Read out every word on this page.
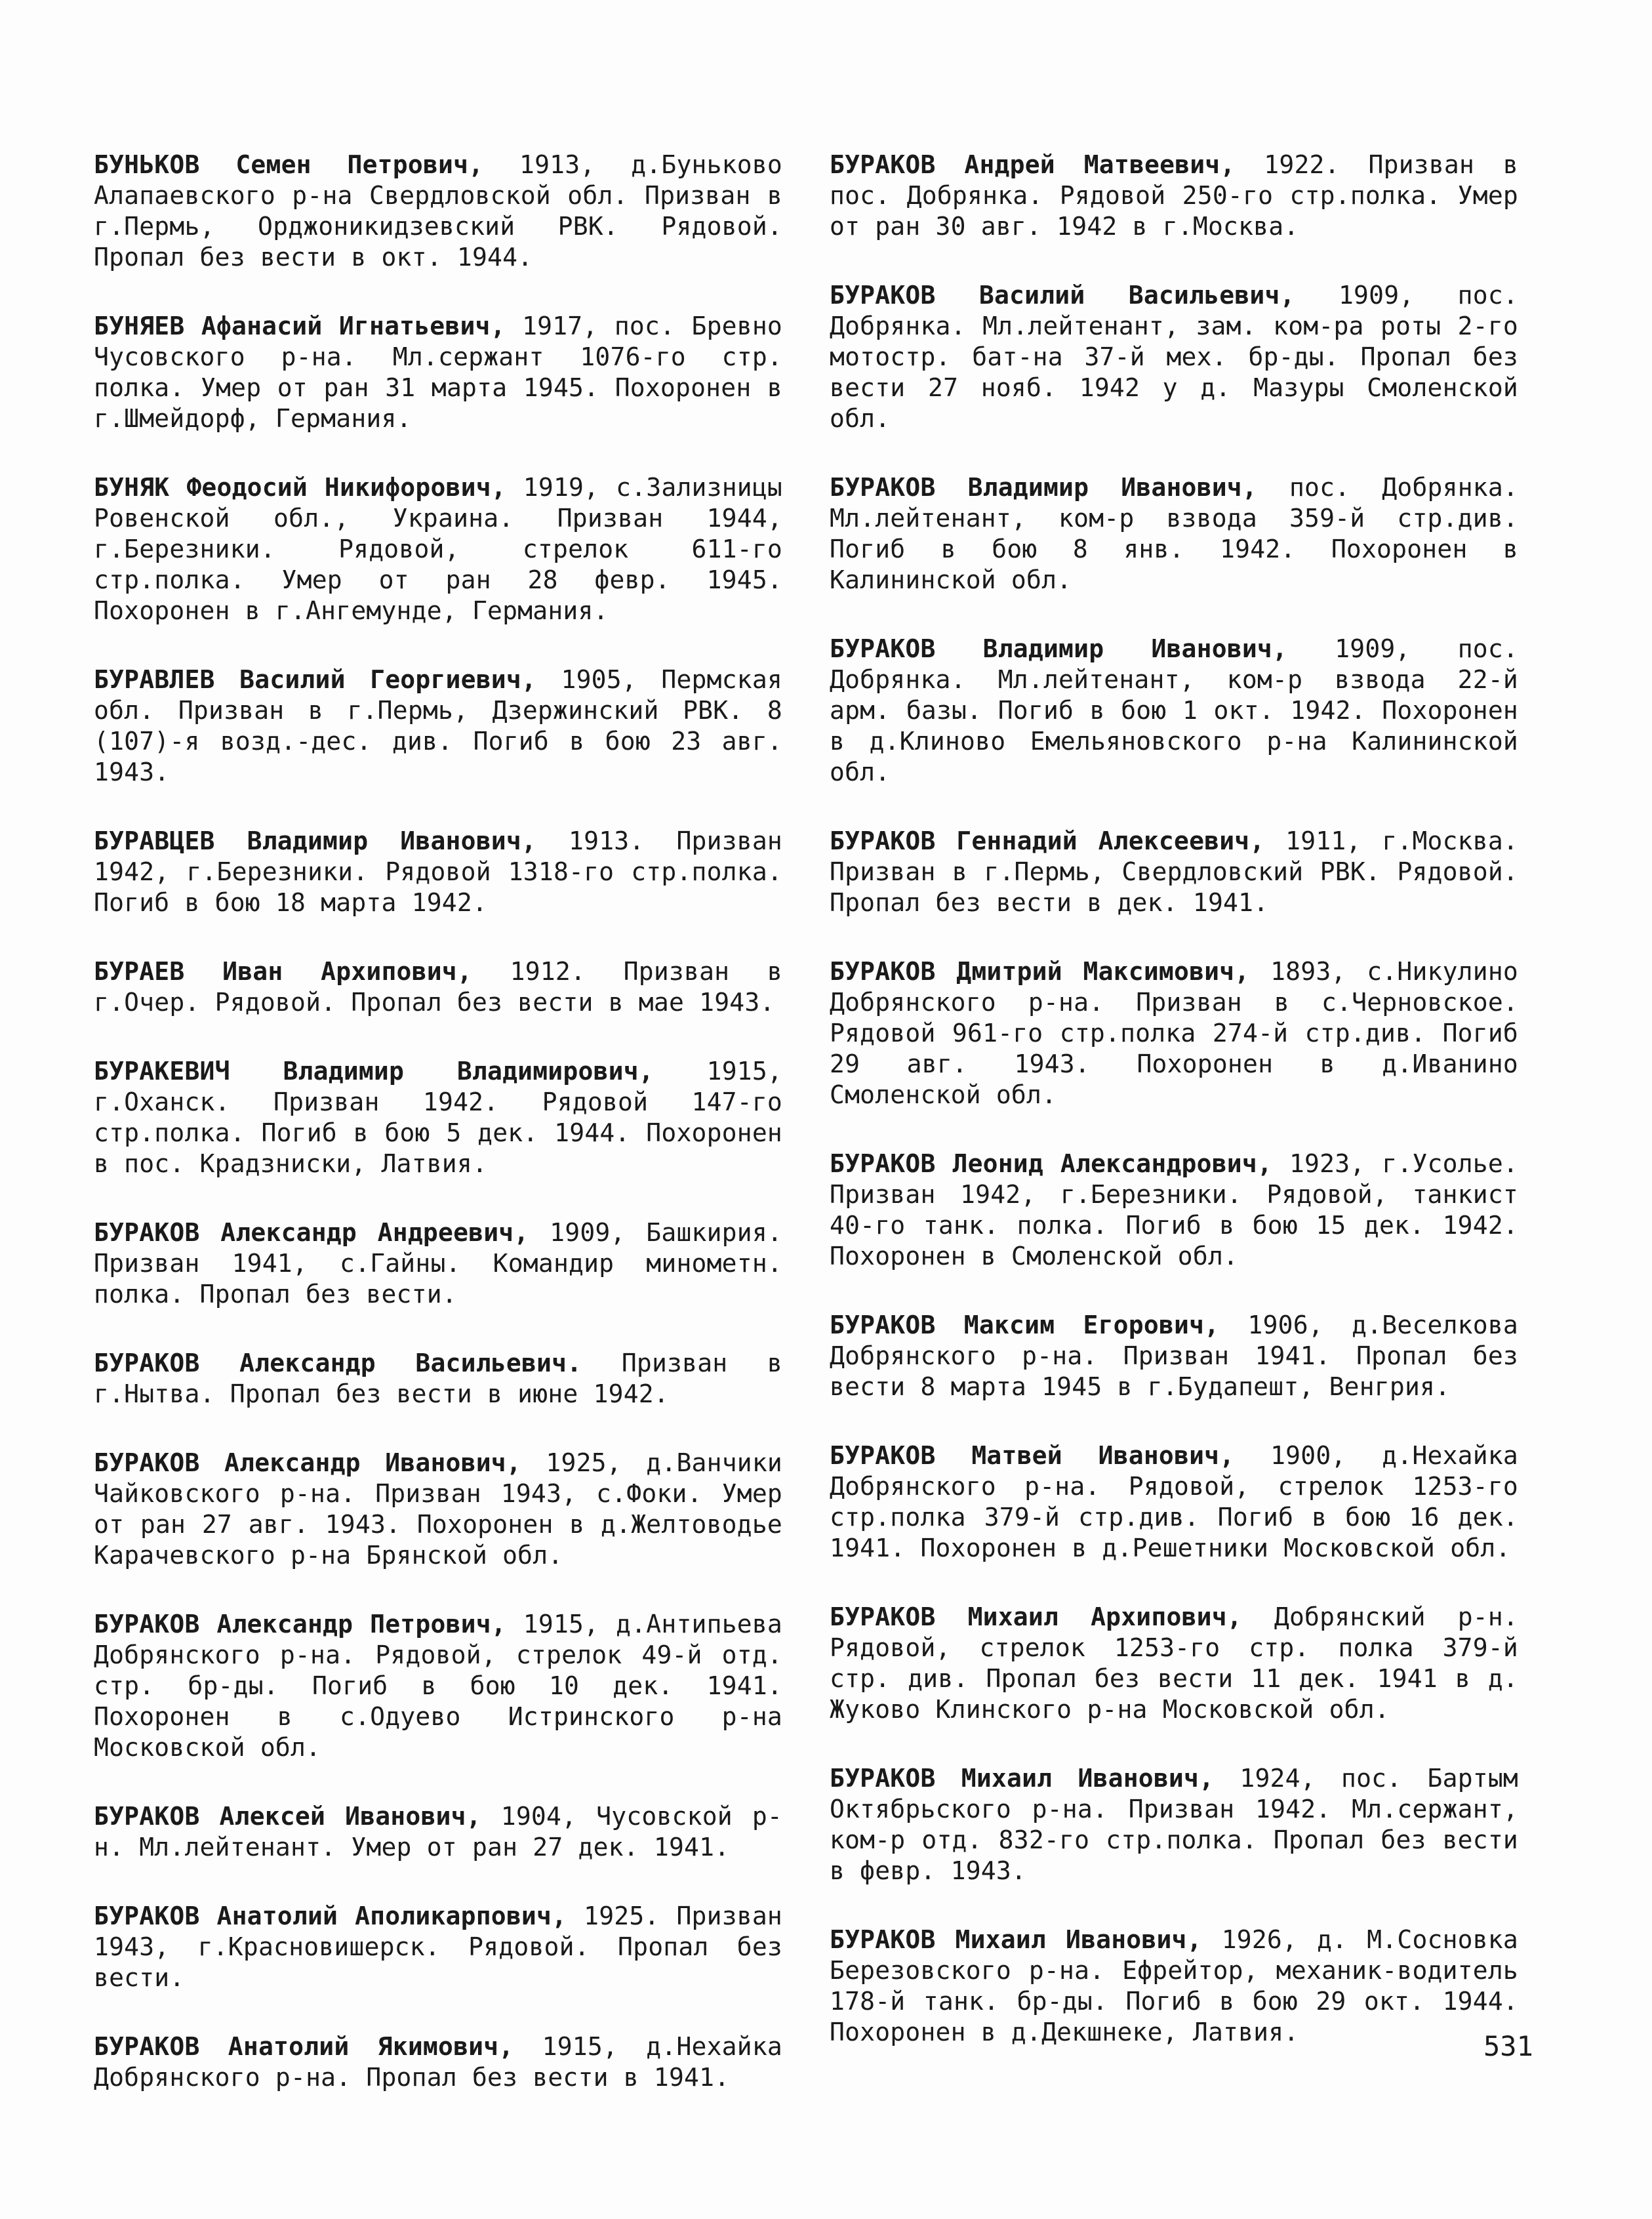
БУНЬКОВ Семен Петрович, 1913, д.Буньково Алапаевского р-на Свердловской обл. Призван в г.Пермь, Орджоникидзевский РВК. Рядовой. Пропал без вести в окт. 1944.

БУНЯЕВ Афанасий Игнатьевич, 1917, пос. Бревно Чусовского р-на. Мл.сержант 1076-го стр. полка. Умер от ран 31 марта 1945. Похоронен в г.Шмейдорф, Германия.

БУНЯК Феодосий Никифорович, 1919, с.Зализницы Ровенской обл., Украина. Призван 1944, г.Березники. Рядовой, стрелок 611-го стр.полка. Умер от ран 28 февр. 1945. Похоронен в г.Ангемунде, Германия.

БУРАВЛЕВ Василий Георгиевич, 1905, Пермская обл. Призван в г.Пермь, Дзержинский РВК. 8 (107)-я возд.-дес. див. Погиб в бою 23 авг. 1943.

БУРАВЦЕВ Владимир Иванович, 1913. Призван 1942, г.Березники. Рядовой 1318-го стр.полка. Погиб в бою 18 марта 1942.

БУРАЕВ Иван Архипович, 1912. Призван в г.Очер. Рядовой. Пропал без вести в мае 1943.

БУРАКЕВИЧ Владимир Владимирович, 1915, г.Оханск. Призван 1942. Рядовой 147-го стр.полка. Погиб в бою 5 дек. 1944. Похоронен в пос. Крадзниски, Латвия.

БУРАКОВ Александр Андреевич, 1909, Башкирия. Призван 1941, с.Гайны. Командир минометн. полка. Пропал без вести.

БУРАКОВ Александр Васильевич. Призван в г.Нытва. Пропал без вести в июне 1942.

БУРАКОВ Александр Иванович, 1925, д.Ванчики Чайковского р-на. Призван 1943, с.Фоки. Умер от ран 27 авг. 1943. Похоронен в д.Желтоводье Карачевского р-на Брянской обл.

БУРАКОВ Александр Петрович, 1915, д.Антипьева Добрянского р-на. Рядовой, стрелок 49-й отд. стр. бр-ды. Погиб в бою 10 дек. 1941. Похоронен в с.Одуево Истринского р-на Московской обл.

БУРАКОВ Алексей Иванович, 1904, Чусовской р-н. Мл.лейтенант. Умер от ран 27 дек. 1941.

БУРАКОВ Анатолий Аполикарпович, 1925. Призван 1943, г.Красновишерск. Рядовой. Пропал без вести.

БУРАКОВ Анатолий Якимович, 1915, д.Нехайка Добрянского р-на. Пропал без вести в 1941.

БУРАКОВ Андрей Матвеевич, 1922. Призван в пос. Добрянка. Рядовой 250-го стр.полка. Умер от ран 30 авг. 1942 в г.Москва.

БУРАКОВ Василий Васильевич, 1909, пос. Добрянка. Мл.лейтенант, зам. ком-ра роты 2-го мотостр. бат-на 37-й мех. бр-ды. Пропал без вести 27 нояб. 1942 у д. Мазуры Смоленской обл.

БУРАКОВ Владимир Иванович, пос. Добрянка. Мл.лейтенант, ком-р взвода 359-й стр.див. Погиб в бою 8 янв. 1942. Похоронен в Калининской обл.

БУРАКОВ Владимир Иванович, 1909, пос. Добрянка. Мл.лейтенант, ком-р взвода 22-й арм. базы. Погиб в бою 1 окт. 1942. Похоронен в д.Клиново Емельяновского р-на Калининской обл.

БУРАКОВ Геннадий Алексеевич, 1911, г.Москва. Призван в г.Пермь, Свердловский РВК. Рядовой. Пропал без вести в дек. 1941.

БУРАКОВ Дмитрий Максимович, 1893, с.Никулино Добрянского р-на. Призван в с.Черновское. Рядовой 961-го стр.полка 274-й стр.див. Погиб 29 авг. 1943. Похоронен в д.Иванино Смоленской обл.

БУРАКОВ Леонид Александрович, 1923, г.Усолье. Призван 1942, г.Березники. Рядовой, танкист 40-го танк. полка. Погиб в бою 15 дек. 1942. Похоронен в Смоленской обл.

БУРАКОВ Максим Егорович, 1906, д.Веселкова Добрянского р-на. Призван 1941. Пропал без вести 8 марта 1945 в г.Будапешт, Венгрия.

БУРАКОВ Матвей Иванович, 1900, д.Нехайка Добрянского р-на. Рядовой, стрелок 1253-го стр.полка 379-й стр.див. Погиб в бою 16 дек. 1941. Похоронен в д.Решетники Московской обл.

БУРАКОВ Михаил Архипович, Добрянский р-н. Рядовой, стрелок 1253-го стр. полка 379-й стр. див. Пропал без вести 11 дек. 1941 в д. Жуково Клинского р-на Московской обл.

БУРАКОВ Михаил Иванович, 1924, пос. Бартым Октябрьского р-на. Призван 1942. Мл.сержант, ком-р отд. 832-го стр.полка. Пропал без вести в февр. 1943.

БУРАКОВ Михаил Иванович, 1926, д. М.Сосновка Березовского р-на. Ефрейтор, механик-водитель 178-й танк. бр-ды. Погиб в бою 29 окт. 1944. Похоронен в д.Декшнеке, Латвия.	531
